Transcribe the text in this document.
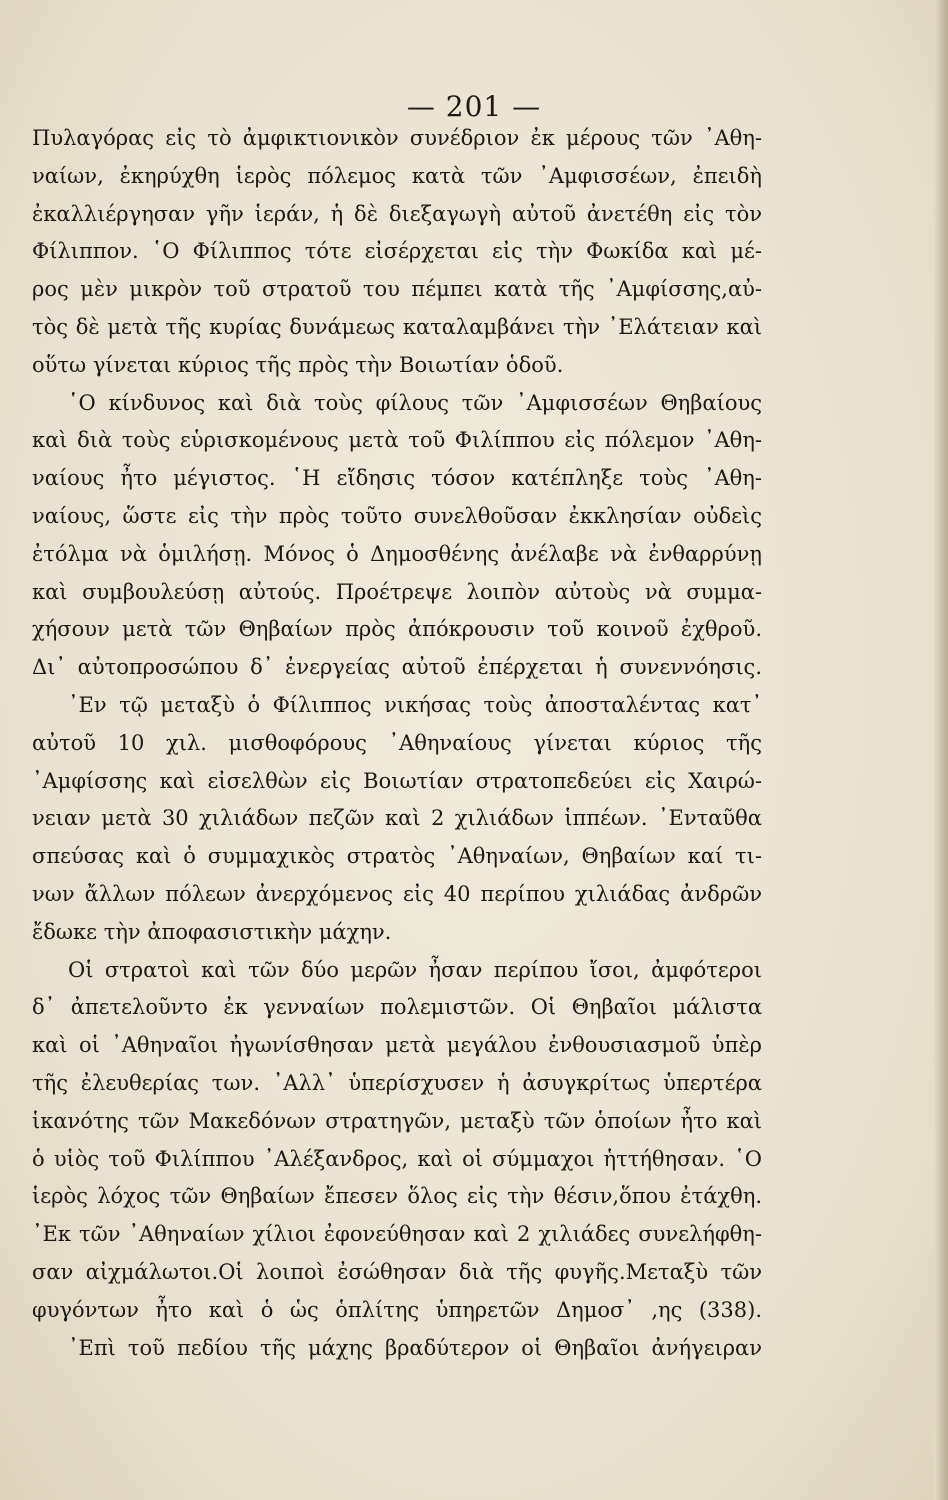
— 201 —
Πυλαγόρας εἰς τὸ ἀμφικτιονικὸν συνέδριον ἐκ μέρους τῶν ᾿Αθη-
ναίων, ἐκηρύχθη ἱερὸς πόλεμος κατὰ τῶν ᾿Αμφισσέων, ἐπειδὴ
ἐκαλλιέργησαν γῆν ἱεράν, ἡ δὲ διεξαγωγὴ αὐτοῦ ἀνετέθη εἰς τὸν
Φίλιππον. ῾Ο Φίλιππος τότε εἰσέρχεται εἰς τὴν Φωκίδα καὶ μέ-
ρος μὲν μικρὸν τοῦ στρατοῦ του πέμπει κατὰ τῆς ᾿Αμφίσσης,αὐ-
τὸς δὲ μετὰ τῆς κυρίας δυνάμεως καταλαμβάνει τὴν ᾿Ελάτειαν καὶ
οὕτω γίνεται κύριος τῆς πρὸς τὴν Βοιωτίαν ὁδοῦ.
῾Ο κίνδυνος καὶ διὰ τοὺς φίλους τῶν ᾿Αμφισσέων Θηβαίους
καὶ διὰ τοὺς εὑρισκομένους μετὰ τοῦ Φιλίππου εἰς πόλεμον ᾿Αθη-
ναίους ἦτο μέγιστος. ῾Η εἴδησις τόσον κατέπληξε τοὺς ᾿Αθη-
ναίους, ὥστε εἰς τὴν πρὸς τοῦτο συνελθοῦσαν ἐκκλησίαν οὐδεὶς
ἐτόλμα νὰ ὁμιλήσῃ. Μόνος ὁ Δημοσθένης ἀνέλαβε νὰ ἐνθαρρύνῃ
καὶ συμβουλεύσῃ αὐτούς. Προέτρεψε λοιπὸν αὐτοὺς νὰ συμμα-
χήσουν μετὰ τῶν Θηβαίων πρὸς ἀπόκρουσιν τοῦ κοινοῦ ἐχθροῦ.
Δι᾿ αὐτοπροσώπου δ᾿ ἐνεργείας αὐτοῦ ἐπέρχεται ἡ συνεννόησις.
᾿Εν τῷ μεταξὺ ὁ Φίλιππος νικήσας τοὺς ἀποσταλέντας κατ᾿
αὐτοῦ 10 χιλ. μισθοφόρους ᾿Αθηναίους γίνεται κύριος τῆς
᾿Αμφίσσης καὶ εἰσελθὼν εἰς Βοιωτίαν στρατοπεδεύει εἰς Χαιρώ-
νειαν μετὰ 30 χιλιάδων πεζῶν καὶ 2 χιλιάδων ἱππέων. ᾿Ενταῦθα
σπεύσας καὶ ὁ συμμαχικὸς στρατὸς ᾿Αθηναίων, Θηβαίων καί τι-
νων ἄλλων πόλεων ἀνερχόμενος εἰς 40 περίπου χιλιάδας ἀνδρῶν
ἔδωκε τὴν ἀποφασιστικὴν μάχην.
Οἱ στρατοὶ καὶ τῶν δύο μερῶν ἦσαν περίπου ἴσοι, ἀμφότεροι
δ᾿ ἀπετελοῦντο ἐκ γενναίων πολεμιστῶν. Οἱ Θηβαῖοι μάλιστα
καὶ οἱ ᾿Αθηναῖοι ἠγωνίσθησαν μετὰ μεγάλου ἐνθουσιασμοῦ ὑπὲρ
τῆς ἐλευθερίας των. ᾿Αλλ᾿ ὑπερίσχυσεν ἡ ἀσυγκρίτως ὑπερτέρα
ἱκανότης τῶν Μακεδόνων στρατηγῶν, μεταξὺ τῶν ὁποίων ἦτο καὶ
ὁ υἱὸς τοῦ Φιλίππου ᾿Αλέξανδρος, καὶ οἱ σύμμαχοι ἡττήθησαν. ῾Ο
ἱερὸς λόχος τῶν Θηβαίων ἔπεσεν ὅλος εἰς τὴν θέσιν,ὅπου ἐτάχθη.
᾿Εκ τῶν ᾿Αθηναίων χίλιοι ἐφονεύθησαν καὶ 2 χιλιάδες συνελήφθη-
σαν αἰχμάλωτοι.Οἱ λοιποὶ ἐσώθησαν διὰ τῆς φυγῆς.Μεταξὺ τῶν
φυγόντων ἦτο καὶ ὁ ὡς ὁπλίτης ὑπηρετῶν Δημοσ᾿ ,ης (338).
᾿Επὶ τοῦ πεδίου τῆς μάχης βραδύτερον οἱ Θηβαῖοι ἀνήγειραν
